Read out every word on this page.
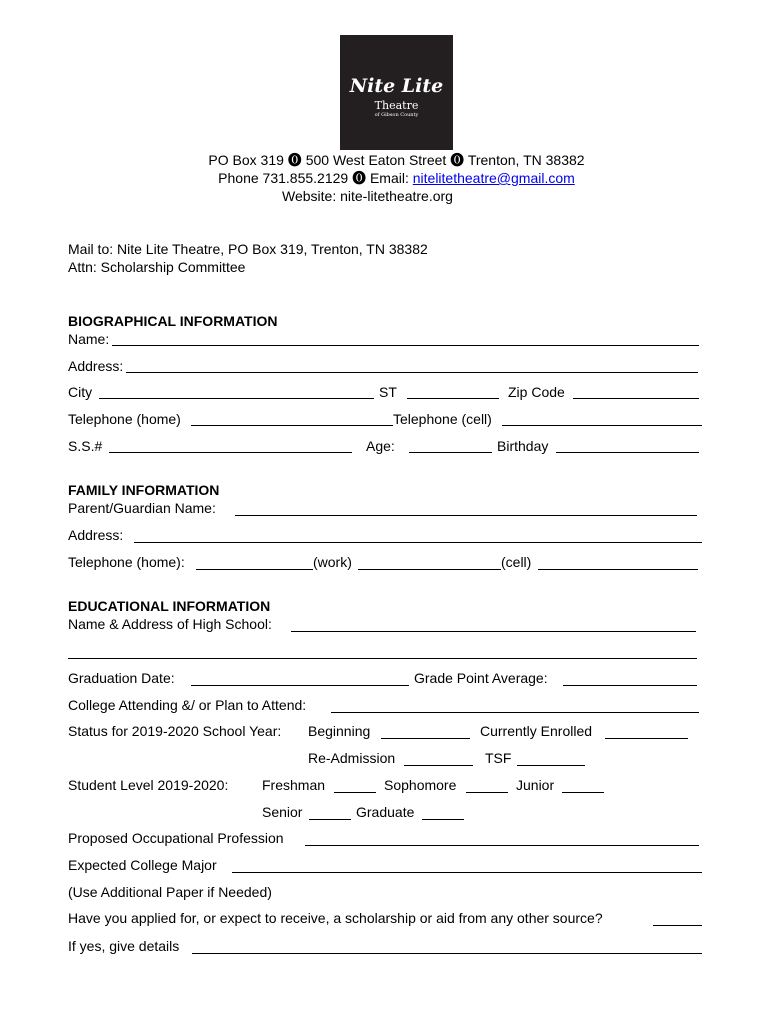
Nite Lite
Theatre
of Gibson County
PO Box 319 ⓿ 500 West Eaton Street ⓿ Trenton, TN 38382
Phone 731.855.2129 ⓿ Email: nitelitetheatre@gmail.com
Website: nite-litetheatre.org
Mail to: Nite Lite Theatre, PO Box 319, Trenton, TN 38382
Attn: Scholarship Committee
BIOGRAPHICAL INFORMATION
Name:
Address:
City	ST	Zip Code
Telephone (home)	Telephone (cell)
S.S.#	Age:	Birthday
FAMILY INFORMATION
Parent/Guardian Name:
Address:
Telephone (home):	(work)	(cell)
EDUCATIONAL INFORMATION
Name & Address of High School:
Graduation Date:	Grade Point Average:
College Attending &/ or Plan to Attend:
Status for 2019-2020 School Year: Beginning	Currently Enrolled
Re-Admission	TSF
Student Level 2019-2020: Freshman	Sophomore	Junior
Senior	Graduate
Proposed Occupational Profession
Expected College Major
(Use Additional Paper if Needed)
Have you applied for, or expect to receive, a scholarship or aid from any other source?
If yes, give details
